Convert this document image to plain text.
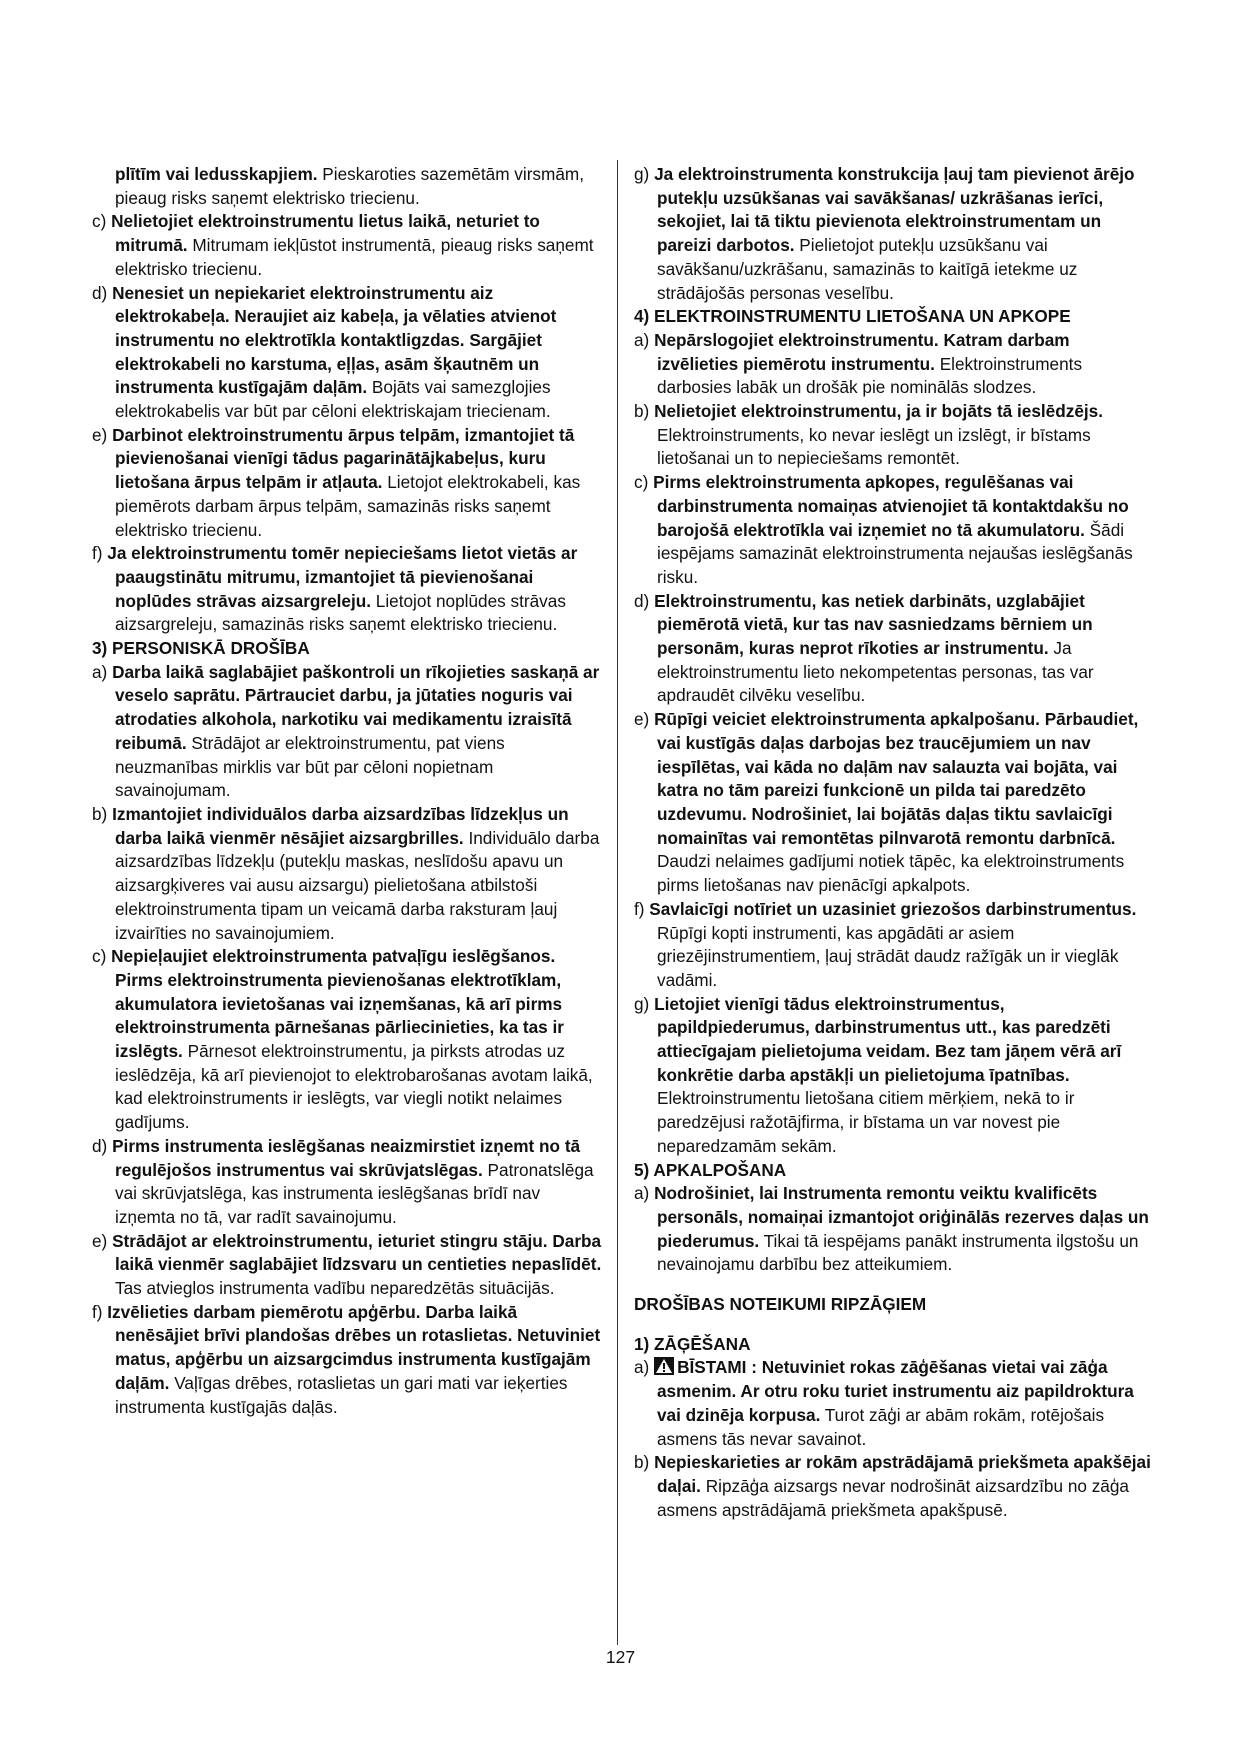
plītīm vai ledusskapjiem. Pieskaroties sazemētām virsmām, pieaug risks saņemt elektrisko triecienu.

c) Nelietojiet elektroinstrumentu lietus laikā, neturiet to mitrumā. Mitrumam iekļūstot instrumentā, pieaug risks saņemt elektrisko triecienu.

d) Nenesiet un nepiekariet elektroinstrumentu aiz elektrokabeļa. Neraujiet aiz kabeļa, ja vēlaties atvienot instrumentu no elektrotīkla kontaktligzdas. Sargājiet elektrokabeli no karstuma, eļļas, asām šķautnēm un instrumenta kustīgajām daļām. Bojāts vai samezglojies elektrokabelis var būt par cēloni elektriskajam triecienam.

e) Darbinot elektroinstrumentu ārpus telpām, izmantojiet tā pievienošanai vienīgi tādus pagarinātājkabeļus, kuru lietošana ārpus telpām ir atļauta. Lietojot elektrokabeli, kas piemērots darbam ārpus telpām, samazinās risks saņemt elektrisko triecienu.

f) Ja elektroinstrumentu tomēr nepieciešams lietot vietās ar paaugstinātu mitrumu, izmantojiet tā pievienošanai noplūdes strāvas aizsargreleju. Lietojot noplūdes strāvas aizsargreleju, samazinās risks saņemt elektrisko triecienu.

3) PERSONISKĀ DROŠĪBA

a) Darba laikā saglabājiet paškontroli un rīkojieties saskaņā ar veselo saprātu. Pārtrauciet darbu, ja jūtaties noguris vai atrodaties alkohola, narkotiku vai medikamentu izraisītā reibumā. Strādājot ar elektroinstrumentu, pat viens neuzmanības mirklis var būt par cēloni nopietnam savainojumam.

b) Izmantojiet individuālos darba aizsardzības līdzekļus un darba laikā vienmēr nēsājiet aizsargbrilles. Individuālo darba aizsardzības līdzekļu (putekļu maskas, neslīdošu apavu un aizsargķiveres vai ausu aizsargu) pielietošana atbilstoši elektroinstrumenta tipam un veicamā darba raksturam ļauj izvairīties no savainojumiem.

c) Nepieļaujiet elektroinstrumenta patvaļīgu ieslēgšanos. Pirms elektroinstrumenta pievienošanas elektrotīklam, akumulatora ievietošanas vai izņemšanas, kā arī pirms elektroinstrumenta pārnešanas pārliecinieties, ka tas ir izslēgts. Pārnesot elektroinstrumentu, ja pirksts atrodas uz ieslēdzēja, kā arī pievienojot to elektrobarošanas avotam laikā, kad elektroinstruments ir ieslēgts, var viegli notikt nelaimes gadījums.

d) Pirms instrumenta ieslēgšanas neaizmirstiet izņemt no tā regulējošos instrumentus vai skrūvjatslēgas. Patronatslēga vai skrūvjatslēga, kas instrumenta ieslēgšanas brīdī nav izņemta no tā, var radīt savainojumu.

e) Strādājot ar elektroinstrumentu, ieturiet stingru stāju. Darba laikā vienmēr saglabājiet līdzsvaru un centieties nepaslīdēt. Tas atvieglos instrumenta vadību neparedzētās situācijās.

f) Izvēlieties darbam piemērotu apģērbu. Darba laikā nenēsājiet brīvi plandošas drēbes un rotaslietas. Netuviniet matus, apģērbu un aizsargcimdus instrumenta kustīgajām daļām. Vaļīgas drēbes, rotaslietas un gari mati var ieķerties instrumenta kustīgajās daļās.

g) Ja elektroinstrumenta konstrukcija ļauj tam pievienot ārējo putekļu uzsūkšanas vai savākšanas/ uzkrāšanas ierīci, sekojiet, lai tā tiktu pievienota elektroinstrumentam un pareizi darbotos. Pielietojot putekļu uzsūkšanu vai savākšanu/uzkrāšanu, samazinās to kaitīgā ietekme uz strādājošās personas veselību.

4) ELEKTROINSTRUMENTU LIETOŠANA UN APKOPE

a) Nepārslogojiet elektroinstrumentu. Katram darbam izvēlieties piemērotu instrumentu. Elektroinstruments darbosies labāk un drošāk pie nominālās slodzes.

b) Nelietojiet elektroinstrumentu, ja ir bojāts tā ieslēdzējs. Elektroinstruments, ko nevar ieslēgt un izslēgt, ir bīstams lietošanai un to nepieciešams remontēt.

c) Pirms elektroinstrumenta apkopes, regulēšanas vai darbinstrumenta nomaiņas atvienojiet tā kontaktdakšu no barojošā elektrotīkla vai izņemiet no tā akumulatoru. Šādi iespējams samazināt elektroinstrumenta nejaušas ieslēgšanās risku.

d) Elektroinstrumentu, kas netiek darbināts, uzglabājiet piemērotā vietā, kur tas nav sasniedzams bērniem un personām, kuras neprot rīkoties ar instrumentu. Ja elektroinstrumentu lieto nekompetentas personas, tas var apdraudēt cilvēku veselību.

e) Rūpīgi veiciet elektroinstrumenta apkalpošanu. Pārbaudiet, vai kustīgās daļas darbojas bez traucējumiem un nav iespīlētas, vai kāda no daļām nav salauzta vai bojāta, vai katra no tām pareizi funkcionē un pilda tai paredzēto uzdevumu. Nodrošiniet, lai bojātās daļas tiktu savlaicīgi nomainītas vai remontētas pilnvarotā remontu darbnīcā. Daudzi nelaimes gadījumi notiek tāpēc, ka elektroinstruments pirms lietošanas nav pienācīgi apkalpots.

f) Savlaicīgi notīriet un uzasiniet griezošos darbinstrumentus. Rūpīgi kopti instrumenti, kas apgādāti ar asiem griezējinstrumentiem, ļauj strādāt daudz ražīgāk un ir vieglāk vadāmi.

g) Lietojiet vienīgi tādus elektroinstrumentus, papildpiederumus, darbinstrumentus utt., kas paredzēti attiecīgajam pielietojuma veidam. Bez tam jāņem vērā arī konkrētie darba apstākļi un pielietojuma īpatnības. Elektroinstrumentu lietošana citiem mērķiem, nekā to ir paredzējusi ražotājfirma, ir bīstama un var novest pie neparedzamām sekām.

5) APKALPOŠANA

a) Nodrošiniet, lai Instrumenta remontu veiktu kvalificēts personāls, nomaiņai izmantojot oriģinālās rezerves daļas un piederumus. Tikai tā iespējams panākt instrumenta ilgstošu un nevainojamu darbību bez atteikumiem.

DROŠĪBAS NOTEIKUMI RIPZĀĢIEM

1) ZĀĢĒŠANA

a) BĪSTAMI : Netuviniet rokas zāģēšanas vietai vai zāģa asmenim. Ar otru roku turiet instrumentu aiz papildroktura vai dzinēja korpusa. Turot zāģi ar abām rokām, rotējošais asmens tās nevar savainot.

b) Nepieskarieties ar rokām apstrādājamā priekšmeta apakšējai daļai. Ripzāģa aizsargs nevar nodrošināt aizsardzību no zāģa asmens apstrādājamā priekšmeta apakšpusē.

127
